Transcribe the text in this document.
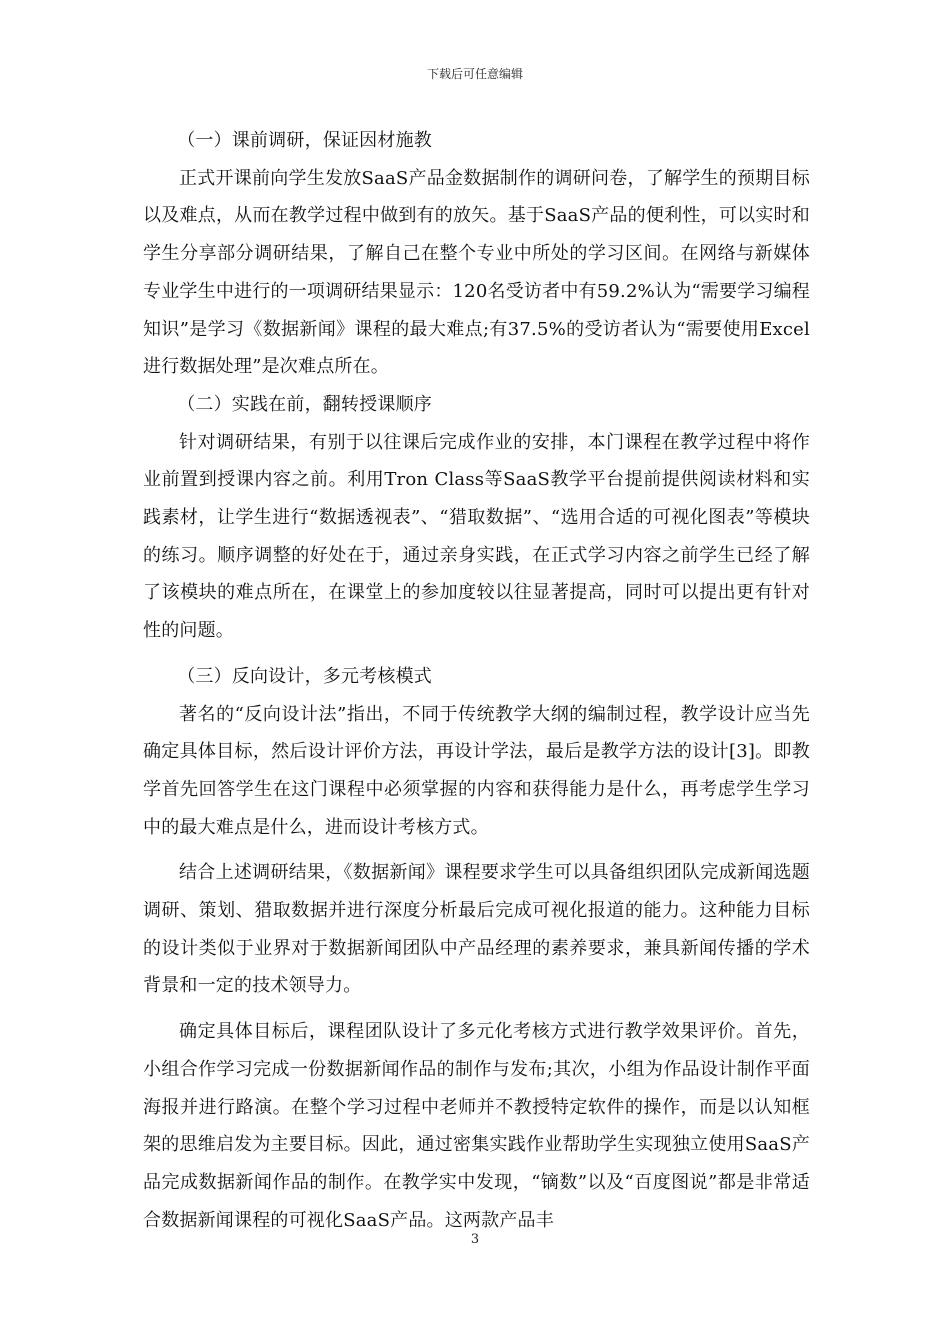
下载后可任意编辑

（一）课前调研，保证因材施教

正式开课前向学生发放SaaS产品金数据制作的调研问卷，了解学生的预期目标以及难点，从而在教学过程中做到有的放矢。基于SaaS产品的便利性，可以实时和学生分享部分调研结果，了解自己在整个专业中所处的学习区间。在网络与新媒体专业学生中进行的一项调研结果显示：120名受访者中有59.2%认为“需要学习编程知识”是学习《数据新闻》课程的最大难点;有37.5%的受访者认为“需要使用Excel进行数据处理”是次难点所在。

（二）实践在前，翻转授课顺序

针对调研结果，有别于以往课后完成作业的安排，本门课程在教学过程中将作业前置到授课内容之前。利用Tron Class等SaaS教学平台提前提供阅读材料和实践素材，让学生进行“数据透视表”、“猎取数据”、“选用合适的可视化图表”等模块的练习。顺序调整的好处在于，通过亲身实践，在正式学习内容之前学生已经了解了该模块的难点所在，在课堂上的参加度较以往显著提高，同时可以提出更有针对性的问题。

（三）反向设计，多元考核模式

著名的“反向设计法”指出，不同于传统教学大纲的编制过程，教学设计应当先确定具体目标，然后设计评价方法，再设计学法，最后是教学方法的设计[3]。即教学首先回答学生在这门课程中必须掌握的内容和获得能力是什么，再考虑学生学习中的最大难点是什么，进而设计考核方式。

结合上述调研结果，《数据新闻》课程要求学生可以具备组织团队完成新闻选题调研、策划、猎取数据并进行深度分析最后完成可视化报道的能力。这种能力目标的设计类似于业界对于数据新闻团队中产品经理的素养要求，兼具新闻传播的学术背景和一定的技术领导力。

确定具体目标后，课程团队设计了多元化考核方式进行教学效果评价。首先，小组合作学习完成一份数据新闻作品的制作与发布;其次，小组为作品设计制作平面海报并进行路演。在整个学习过程中老师并不教授特定软件的操作，而是以认知框架的思维启发为主要目标。因此，通过密集实践作业帮助学生实现独立使用SaaS产品完成数据新闻作品的制作。在教学实中发现，“镝数”以及“百度图说”都是非常适合数据新闻课程的可视化SaaS产品。这两款产品丰

3
